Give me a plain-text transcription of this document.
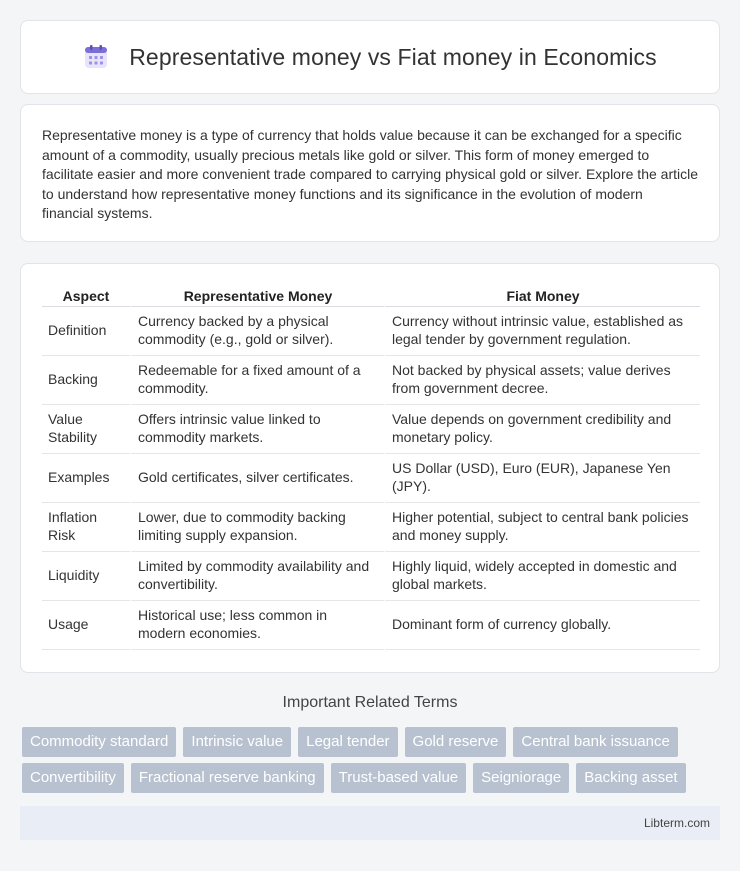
Representative money vs Fiat money in Economics

Representative money is a type of currency that holds value because it can be exchanged for a specific amount of a commodity, usually precious metals like gold or silver. This form of money emerged to facilitate easier and more convenient trade compared to carrying physical gold or silver. Explore the article to understand how representative money functions and its significance in the evolution of modern financial systems.

Aspect	Representative Money	Fiat Money
Definition	Currency backed by a physical commodity (e.g., gold or silver).	Currency without intrinsic value, established as legal tender by government regulation.
Backing	Redeemable for a fixed amount of a commodity.	Not backed by physical assets; value derives from government decree.
Value Stability	Offers intrinsic value linked to commodity markets.	Value depends on government credibility and monetary policy.
Examples	Gold certificates, silver certificates.	US Dollar (USD), Euro (EUR), Japanese Yen (JPY).
Inflation Risk	Lower, due to commodity backing limiting supply expansion.	Higher potential, subject to central bank policies and money supply.
Liquidity	Limited by commodity availability and convertibility.	Highly liquid, widely accepted in domestic and global markets.
Usage	Historical use; less common in modern economies.	Dominant form of currency globally.
Important Related Terms
Commodity standard	Intrinsic value	Legal tender	Gold reserve	Central bank issuance
Convertibility	Fractional reserve banking	Trust-based value	Seigniorage	Backing asset
Libterm.com
